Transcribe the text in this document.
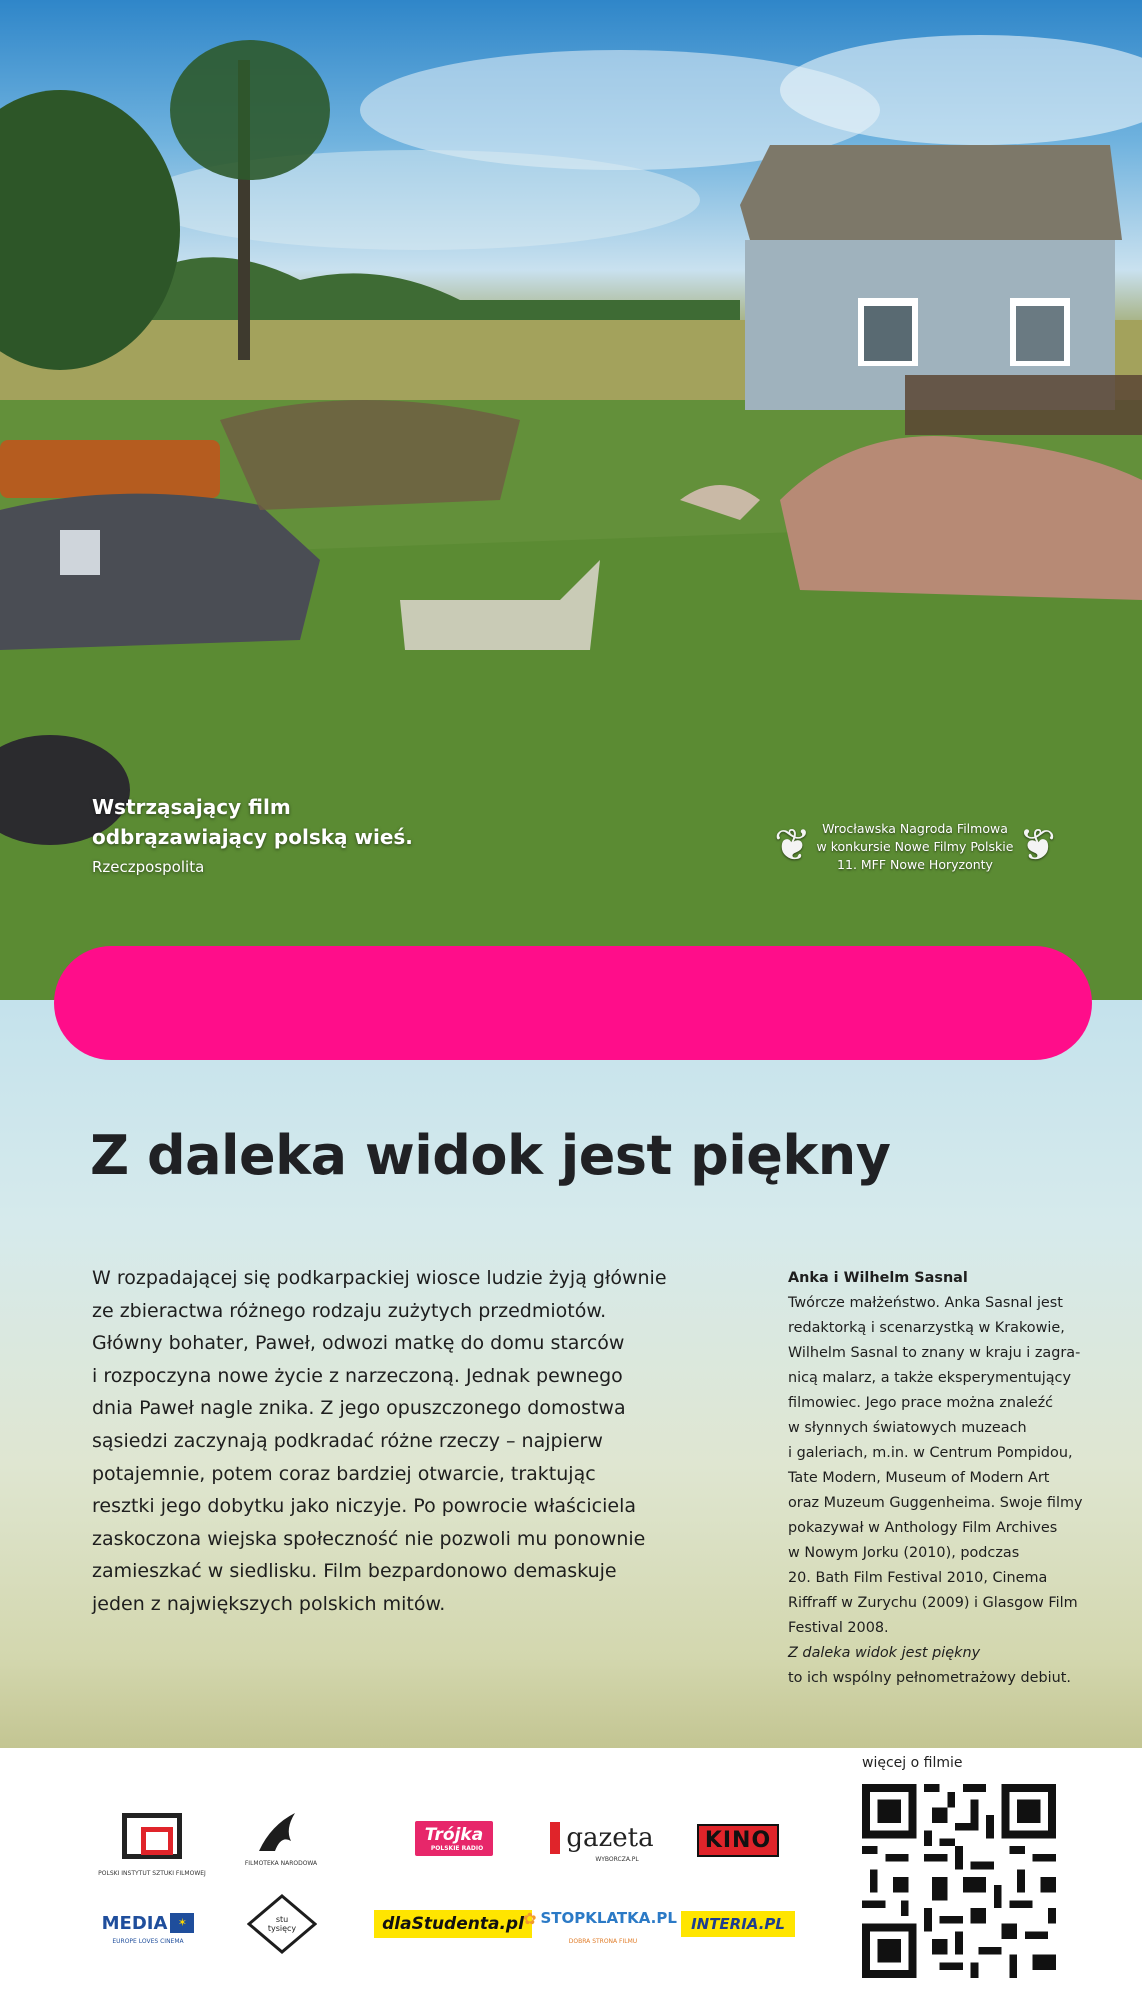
Wstrząsający film
odbrązawiający polską wieś.
Rzeczpospolita	❦	❦
Wrocławska Nagroda Filmowa
w konkursie Nowe Filmy Polskie
11. MFF Nowe Horyzonty
Z daleka widok jest piękny
W rozpadającej się podkarpackiej wiosce ludzie żyją głównie
ze zbieractwa różnego rodzaju zużytych przedmiotów.
Główny bohater, Paweł, odwozi matkę do domu starców
i rozpoczyna nowe życie z narzeczoną. Jednak pewnego
dnia Paweł nagle znika. Z jego opuszczonego domostwa
sąsiedzi zaczynają podkradać różne rzeczy – najpierw
potajemnie, potem coraz bardziej otwarcie, traktując
resztki jego dobytku jako niczyje. Po powrocie właściciela
zaskoczona wiejska społeczność nie pozwoli mu ponownie
zamieszkać w siedlisku. Film bezpardonowo demaskuje
jeden z największych polskich mitów.
Anka i Wilhelm Sasnal
Twórcze małżeństwo. Anka Sasnal jest
redaktorką i scenarzystką w Krakowie,
Wilhelm Sasnal to znany w kraju i zagra-
nicą malarz, a także eksperymentujący
filmowiec. Jego prace można znaleźć
w słynnych światowych muzeach
i galeriach, m.in. w Centrum Pompidou,
Tate Modern, Museum of Modern Art
oraz Muzeum Guggenheima. Swoje filmy
pokazywał w Anthology Film Archives
w Nowym Jorku (2010), podczas
20. Bath Film Festival 2010, Cinema
Riffraff w Zurychu (2009) i Glasgow Film
Festival 2008.
Z daleka widok jest piękny
to ich wspólny pełnometrażowy debiut.
POLSKI INSTYTUT SZTUKI FILMOWEJ
FILMOTEKA NARODOWA
Trójka
POLSKIE RADIO	gazeta
WYBORCZA.PL
KINO
MEDIA ✶
EUROPE LOVES CINEMA
stu tysięcy	dlaStudenta.pl ✿ STOPKLATKA.PL
DOBRA STRONA FILMU
INTERIA.PL
więcej o filmie
